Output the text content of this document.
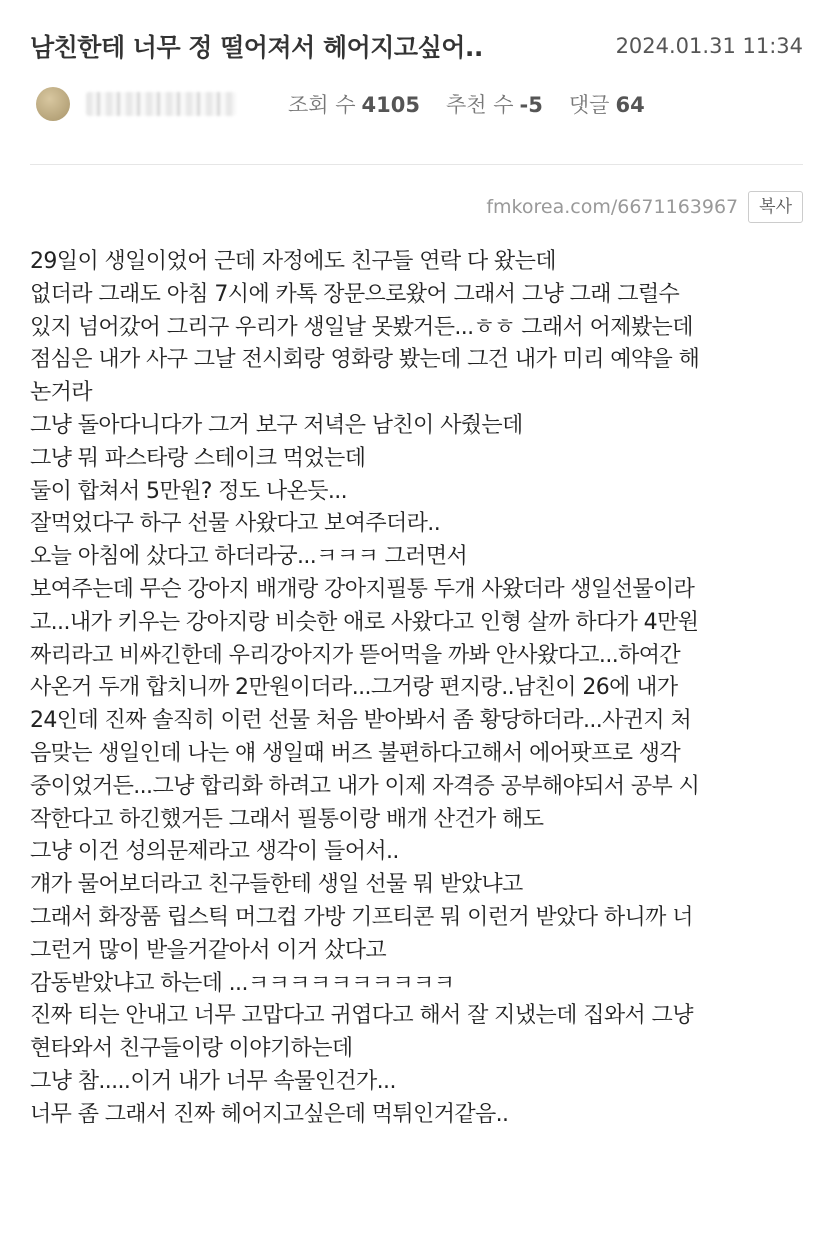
남친한테 너무 정 떨어져서 헤어지고싶어..	2024.01.31 11:34
조회 수 4105 추천 수 -5 댓글 64
fmkorea.com/6671163967	복사
29일이 생일이었어 근데 자정에도 친구들 연락 다 왔는데
없더라 그래도 아침 7시에 카톡 장문으로왔어 그래서 그냥 그래 그럴수
있지 넘어갔어 그리구 우리가 생일날 못봤거든...ㅎㅎ 그래서 어제봤는데
점심은 내가 사구 그날 전시회랑 영화랑 봤는데 그건 내가 미리 예약을 해
논거라
그냥 돌아다니다가 그거 보구 저녁은 남친이 사줬는데
그냥 뭐 파스타랑 스테이크 먹었는데
둘이 합쳐서 5만원? 정도 나온듯...
잘먹었다구 하구 선물 사왔다고 보여주더라..
오늘 아침에 샀다고 하더라궁...ㅋㅋㅋ 그러면서
보여주는데 무슨 강아지 배개랑 강아지필통 두개 사왔더라 생일선물이라
고...내가 키우는 강아지랑 비슷한 애로 사왔다고 인형 살까 하다가 4만원
짜리라고 비싸긴한데 우리강아지가 뜯어먹을 까봐 안사왔다고...하여간
사온거 두개 합치니까 2만원이더라...그거랑 편지랑..남친이 26에 내가
24인데 진짜 솔직히 이런 선물 처음 받아봐서 좀 황당하더라...사귄지 처
음맞는 생일인데 나는 얘 생일때 버즈 불편하다고해서 에어팟프로 생각
중이었거든...그냥 합리화 하려고 내가 이제 자격증 공부해야되서 공부 시
작한다고 하긴했거든 그래서 필통이랑 배개 산건가 해도
그냥 이건 성의문제라고 생각이 들어서..
걔가 물어보더라고 친구들한테 생일 선물 뭐 받았냐고
그래서 화장품 립스틱 머그컵 가방 기프티콘 뭐 이런거 받았다 하니까 너
그런거 많이 받을거같아서 이거 샀다고
감동받았냐고 하는데 ...ㅋㅋㅋㅋㅋㅋㅋㅋㅋㅋ
진짜 티는 안내고 너무 고맙다고 귀엽다고 해서 잘 지냈는데 집와서 그냥
현타와서 친구들이랑 이야기하는데
그냥 참.....이거 내가 너무 속물인건가...
너무 좀 그래서 진짜 헤어지고싶은데 먹튀인거같음..
